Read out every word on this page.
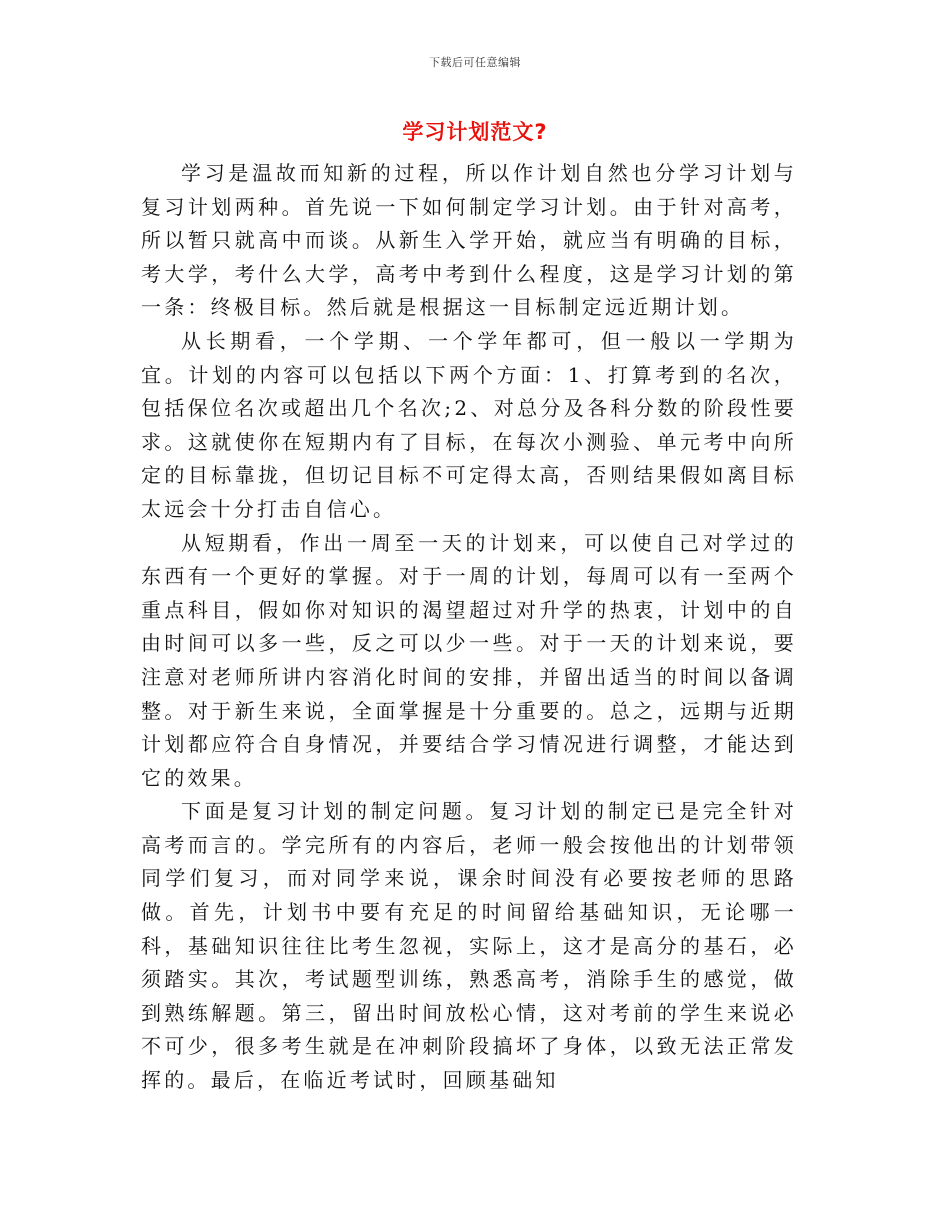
下载后可任意编辑
学习计划范文?

学习是温故而知新的过程，所以作计划自然也分学习计划与复习计划两种。首先说一下如何制定学习计划。由于针对高考，所以暂只就高中而谈。从新生入学开始，就应当有明确的目标，考大学，考什么大学，高考中考到什么程度，这是学习计划的第一条：终极目标。然后就是根据这一目标制定远近期计划。

从长期看，一个学期、一个学年都可，但一般以一学期为宜。计划的内容可以包括以下两个方面：1、打算考到的名次，包括保位名次或超出几个名次;2、对总分及各科分数的阶段性要求。这就使你在短期内有了目标，在每次小测验、单元考中向所定的目标靠拢，但切记目标不可定得太高，否则结果假如离目标太远会十分打击自信心。

从短期看，作出一周至一天的计划来，可以使自己对学过的东西有一个更好的掌握。对于一周的计划，每周可以有一至两个重点科目，假如你对知识的渴望超过对升学的热衷，计划中的自由时间可以多一些，反之可以少一些。对于一天的计划来说，要注意对老师所讲内容消化时间的安排，并留出适当的时间以备调整。对于新生来说，全面掌握是十分重要的。总之，远期与近期计划都应符合自身情况，并要结合学习情况进行调整，才能达到它的效果。

下面是复习计划的制定问题。复习计划的制定已是完全针对高考而言的。学完所有的内容后，老师一般会按他出的计划带领同学们复习，而对同学来说，课余时间没有必要按老师的思路做。首先，计划书中要有充足的时间留给基础知识，无论哪一科，基础知识往往比考生忽视，实际上，这才是高分的基石，必须踏实。其次，考试题型训练，熟悉高考，消除手生的感觉，做到熟练解题。第三，留出时间放松心情，这对考前的学生来说必不可少，很多考生就是在冲刺阶段搞坏了身体，以致无法正常发挥的。最后，在临近考试时，回顾基础知
